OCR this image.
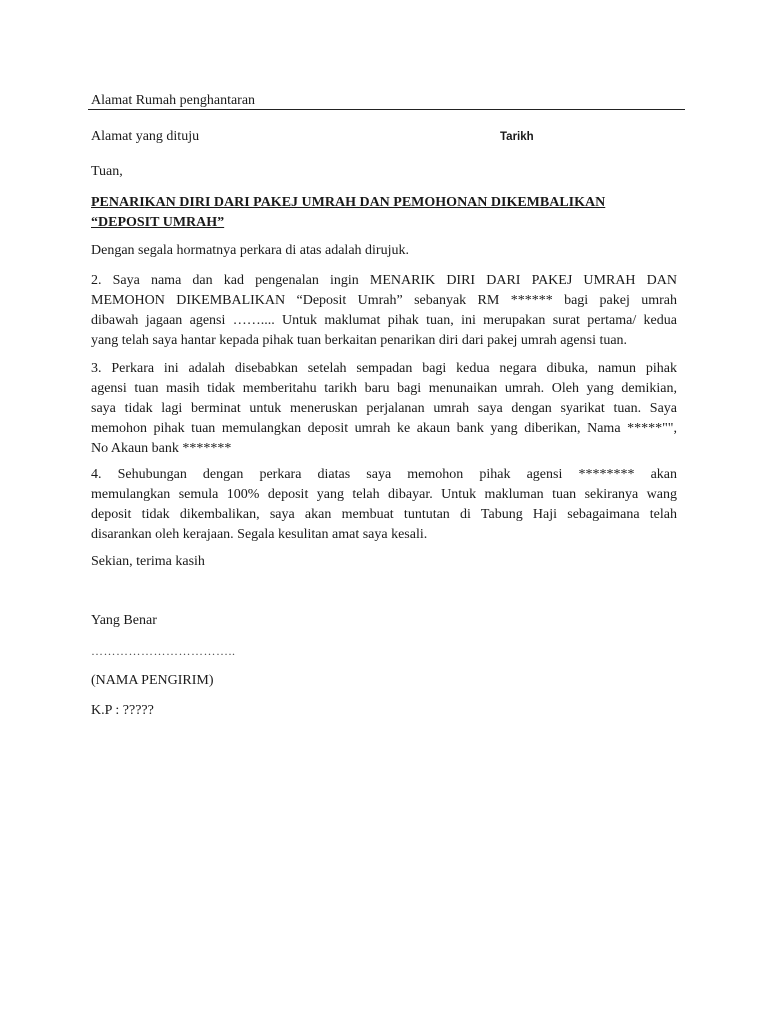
Alamat Rumah penghantaran
Alamat yang dituju	Tarikh
Tuan,
PENARIKAN DIRI DARI PAKEJ UMRAH DAN PEMOHONAN DIKEMBALIKAN
“DEPOSIT UMRAH”
Dengan segala hormatnya perkara di atas adalah dirujuk.

2. Saya nama dan kad pengenalan ingin MENARIK DIRI DARI PAKEJ UMRAH DAN
MEMOHON DIKEMBALIKAN “Deposit Umrah” sebanyak RM ****** bagi pakej umrah
dibawah jagaan agensi …….... Untuk maklumat pihak tuan, ini merupakan surat pertama/ kedua
yang telah saya hantar kepada pihak tuan berkaitan penarikan diri dari pakej umrah agensi tuan.

3. Perkara ini adalah disebabkan setelah sempadan bagi kedua negara dibuka, namun pihak
agensi tuan masih tidak memberitahu tarikh baru bagi menunaikan umrah. Oleh yang demikian,
saya tidak lagi berminat untuk meneruskan perjalanan umrah saya dengan syarikat tuan. Saya
memohon pihak tuan memulangkan deposit umrah ke akaun bank yang diberikan, Nama *****"",
No Akaun bank *******

4. Sehubungan dengan perkara diatas saya memohon pihak agensi ******** akan
memulangkan semula 100% deposit yang telah dibayar. Untuk makluman tuan sekiranya wang
deposit tidak dikembalikan, saya akan membuat tuntutan di Tabung Haji sebagaimana telah
disarankan oleh kerajaan. Segala kesulitan amat saya kesali.

Sekian, terima kasih
Yang Benar
……………………………..
(NAMA PENGIRIM)
K.P : ?????
